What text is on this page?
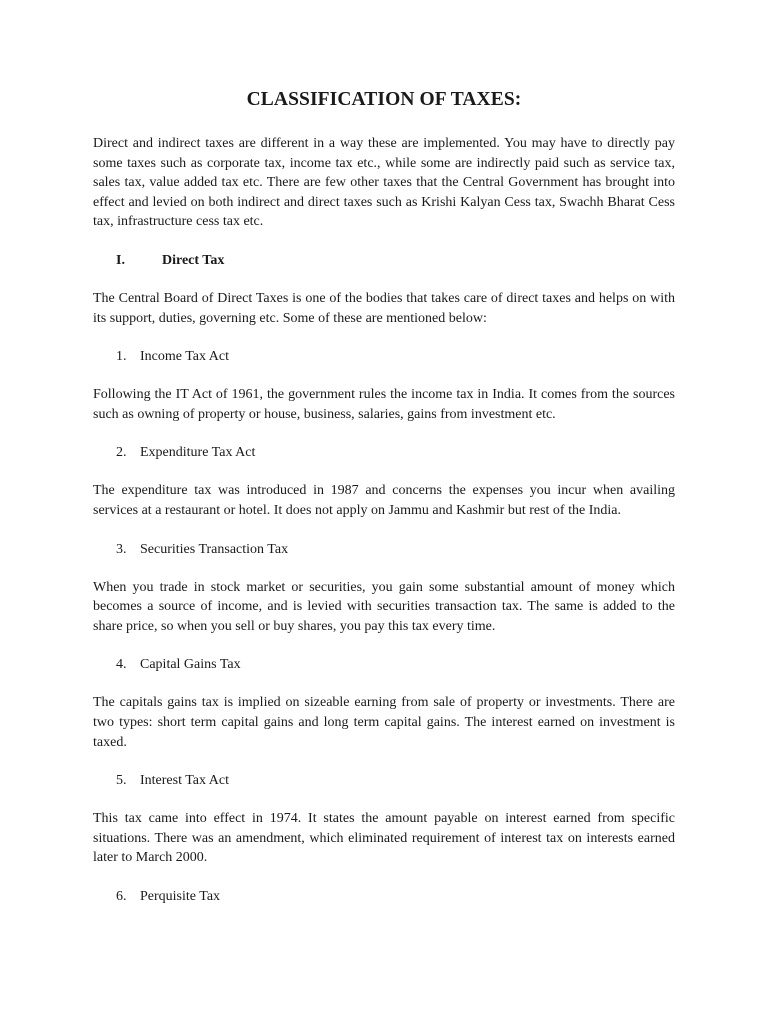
CLASSIFICATION OF TAXES:

Direct and indirect taxes are different in a way these are implemented. You may have to directly pay some taxes such as corporate tax, income tax etc., while some are indirectly paid such as service tax, sales tax, value added tax etc. There are few other taxes that the Central Government has brought into effect and levied on both indirect and direct taxes such as Krishi Kalyan Cess tax, Swachh Bharat Cess tax, infrastructure cess tax etc.

I.	Direct Tax

The Central Board of Direct Taxes is one of the bodies that takes care of direct taxes and helps on with its support, duties, governing etc. Some of these are mentioned below:

1. Income Tax Act

Following the IT Act of 1961, the government rules the income tax in India. It comes from the sources such as owning of property or house, business, salaries, gains from investment etc.

2. Expenditure Tax Act

The expenditure tax was introduced in 1987 and concerns the expenses you incur when availing services at a restaurant or hotel. It does not apply on Jammu and Kashmir but rest of the India.

3. Securities Transaction Tax

When you trade in stock market or securities, you gain some substantial amount of money which becomes a source of income, and is levied with securities transaction tax. The same is added to the share price, so when you sell or buy shares, you pay this tax every time.

4. Capital Gains Tax

The capitals gains tax is implied on sizeable earning from sale of property or investments. There are two types: short term capital gains and long term capital gains. The interest earned on investment is taxed.

5. Interest Tax Act

This tax came into effect in 1974. It states the amount payable on interest earned from specific situations. There was an amendment, which eliminated requirement of interest tax on interests earned later to March 2000.

6. Perquisite Tax
